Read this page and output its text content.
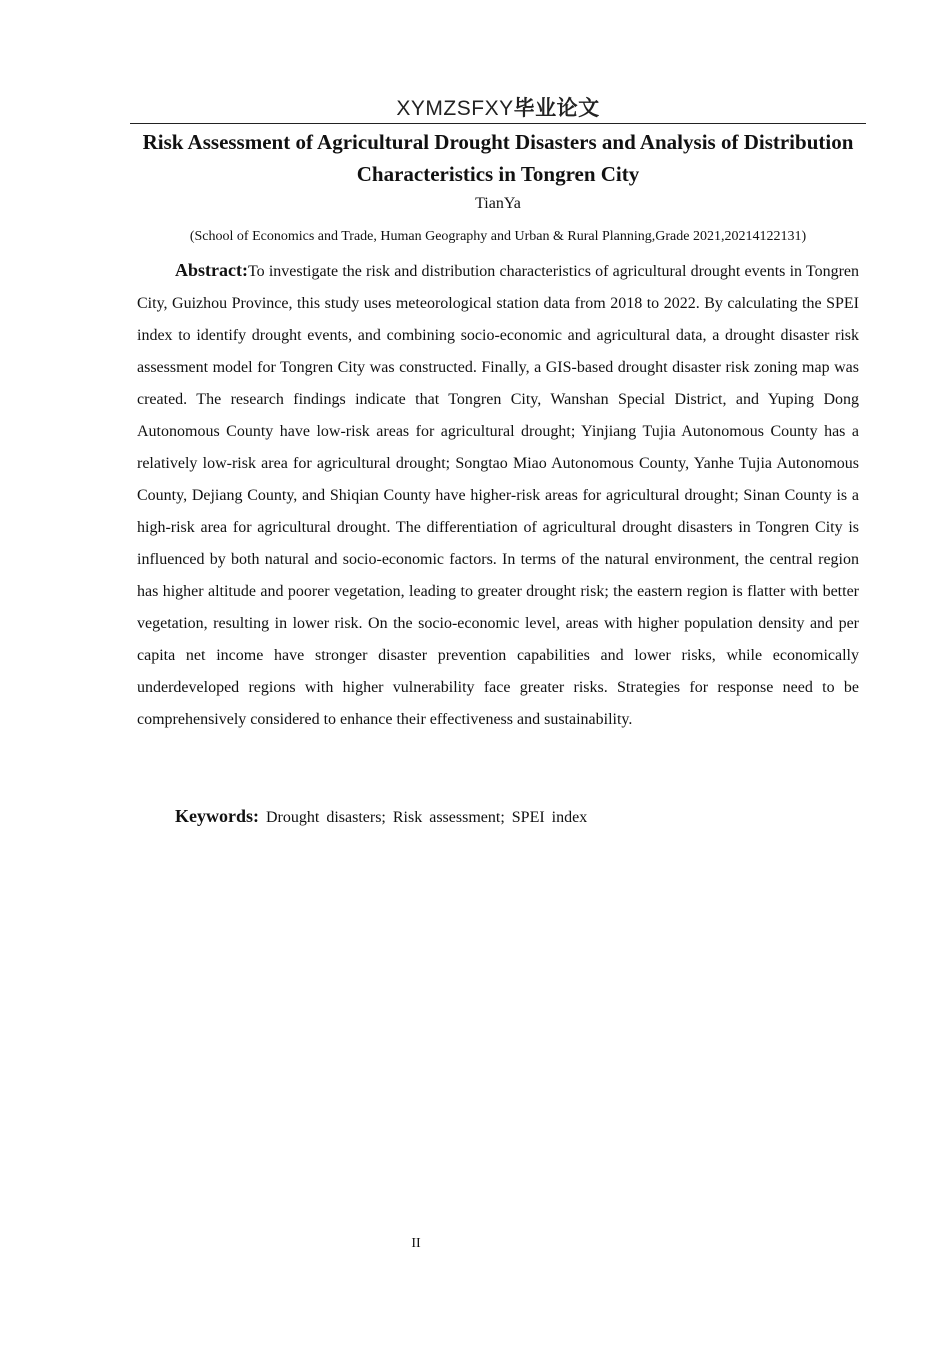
XYMZSFXY毕业论文
Risk Assessment of Agricultural Drought Disasters and Analysis of Distribution Characteristics in Tongren City
TianYa
(School of Economics and Trade, Human Geography and Urban & Rural Planning,Grade 2021,20214122131)

Abstract:To investigate the risk and distribution characteristics of agricultural drought events in Tongren City, Guizhou Province, this study uses meteorological station data from 2018 to 2022. By calculating the SPEI index to identify drought events, and combining socio-economic and agricultural data, a drought disaster risk assessment model for Tongren City was constructed. Finally, a GIS-based drought disaster risk zoning map was created. The research findings indicate that Tongren City, Wanshan Special District, and Yuping Dong Autonomous County have low-risk areas for agricultural drought; Yinjiang Tujia Autonomous County has a relatively low-risk area for agricultural drought; Songtao Miao Autonomous County, Yanhe Tujia Autonomous County, Dejiang County, and Shiqian County have higher-risk areas for agricultural drought; Sinan County is a high-risk area for agricultural drought. The differentiation of agricultural drought disasters in Tongren City is influenced by both natural and socio-economic factors. In terms of the natural environment, the central region has higher altitude and poorer vegetation, leading to greater drought risk; the eastern region is flatter with better vegetation, resulting in lower risk. On the socio-economic level, areas with higher population density and per capita net income have stronger disaster prevention capabilities and lower risks, while economically underdeveloped regions with higher vulnerability face greater risks. Strategies for response need to be comprehensively considered to enhance their effectiveness and sustainability.

Keywords: Drought disasters; Risk assessment; SPEI index

II
